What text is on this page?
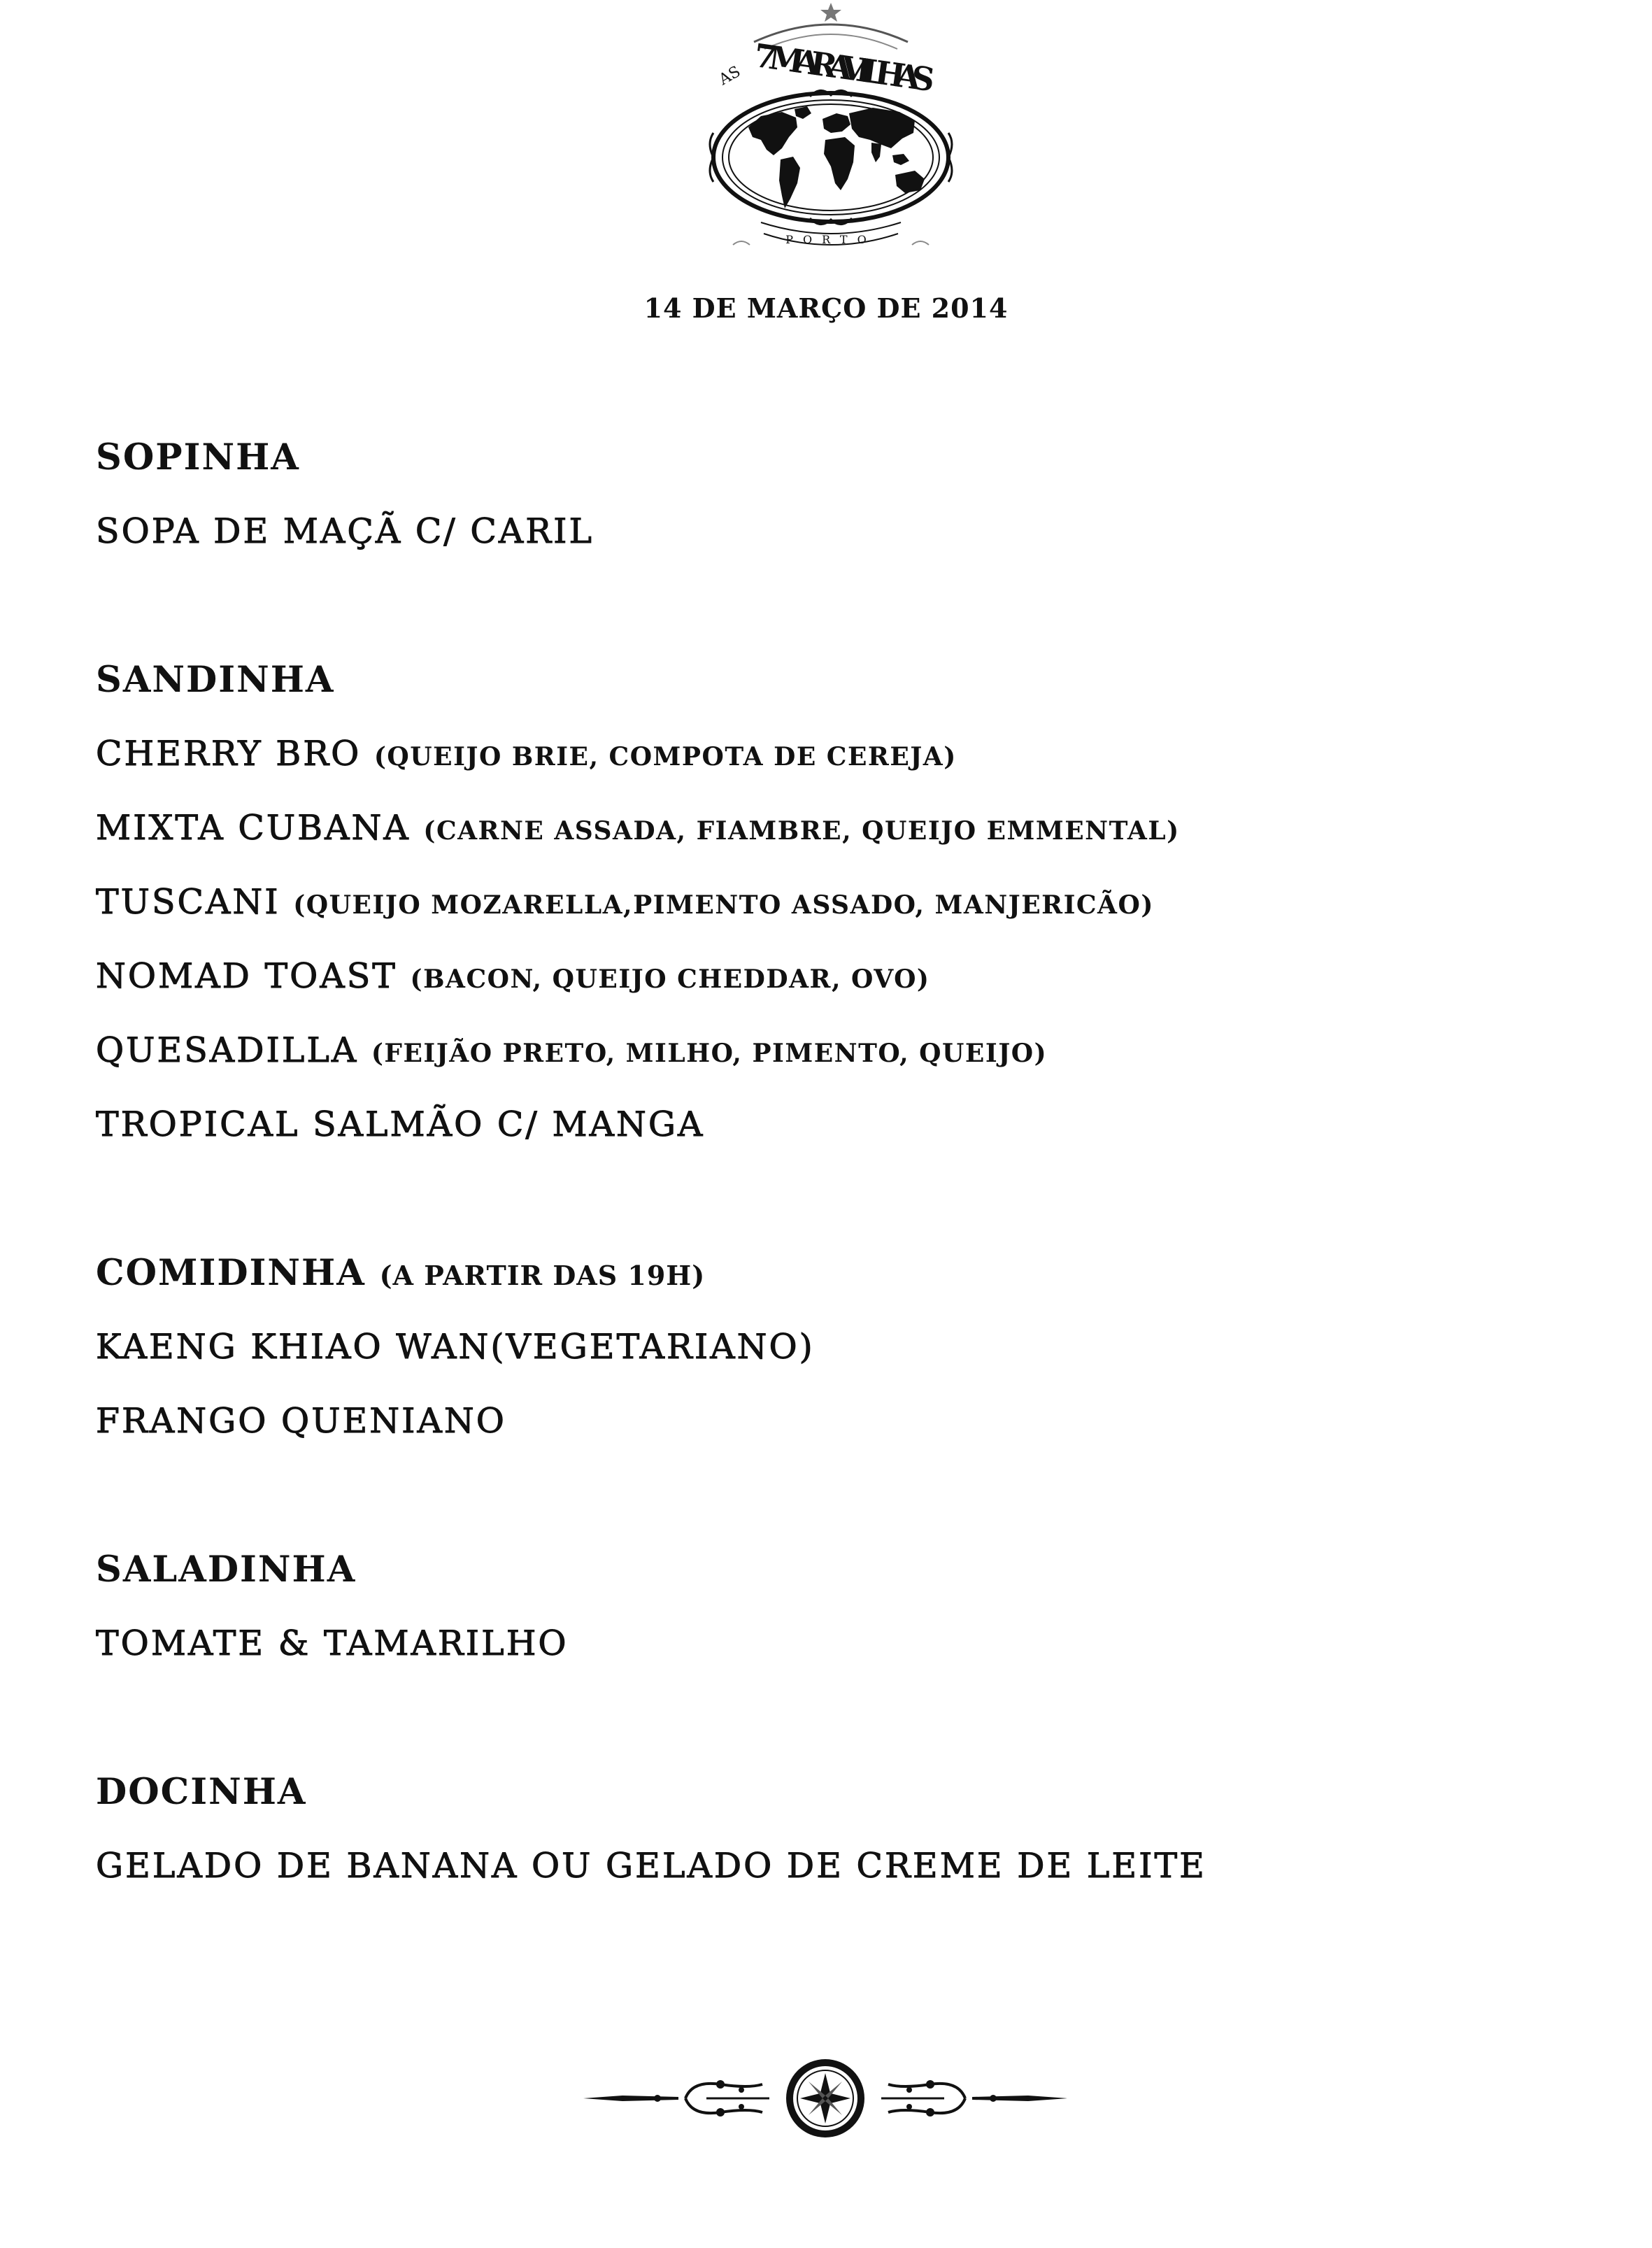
AS 7 MARAVILHAS
PORTO
14 DE MARÇO DE 2014
SOPINHA
SOPA DE MAÇÃ C/ CARIL
SANDINHA
CHERRY BRO (QUEIJO BRIE, COMPOTA DE CEREJA)
MIXTA CUBANA (CARNE ASSADA, FIAMBRE, QUEIJO EMMENTAL)
TUSCANI (QUEIJO MOZARELLA,PIMENTO ASSADO, MANJERICÃO)
NOMAD TOAST (BACON, QUEIJO CHEDDAR, OVO)
QUESADILLA (FEIJÃO PRETO, MILHO, PIMENTO, QUEIJO)
TROPICAL SALMÃO C/ MANGA
COMIDINHA (A PARTIR DAS 19H)
KAENG KHIAO WAN(VEGETARIANO)
FRANGO QUENIANO
SALADINHA
TOMATE & TAMARILHO
DOCINHA
GELADO DE BANANA OU GELADO DE CREME DE LEITE
